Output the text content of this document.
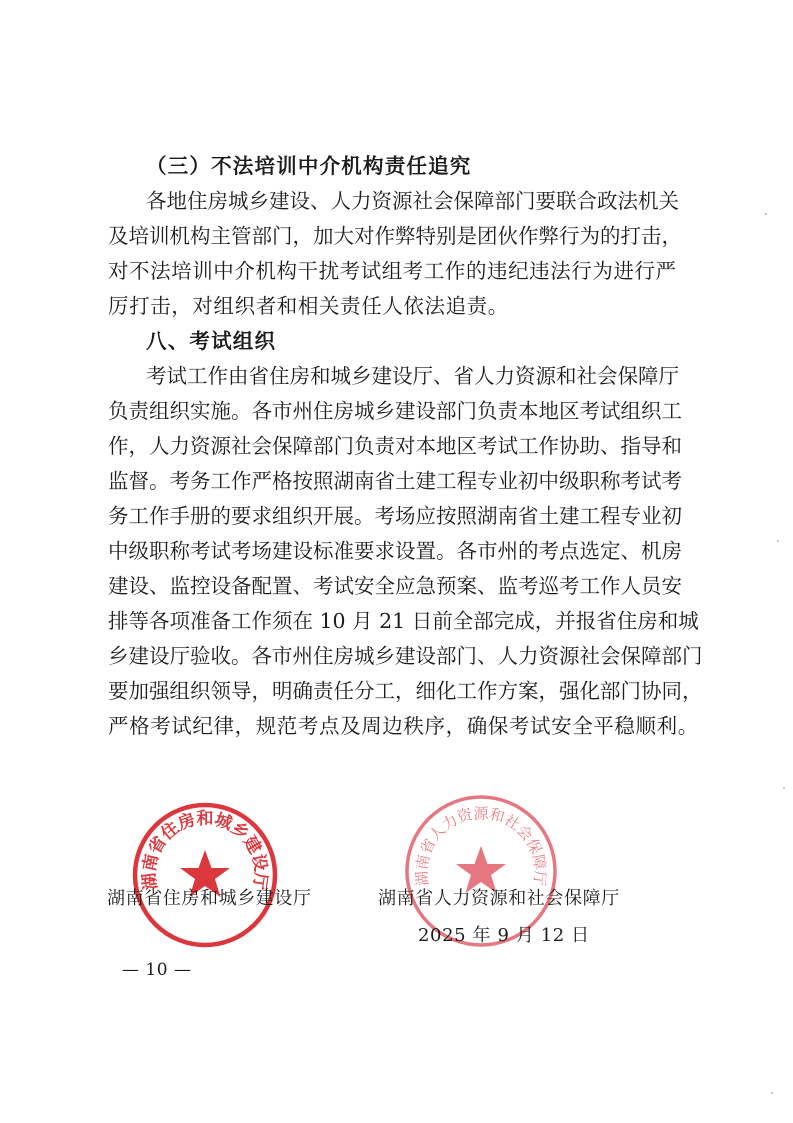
（三）不法培训中介机构责任追究
各地住房城乡建设、人力资源社会保障部门要联合政法机关
及培训机构主管部门，加大对作弊特别是团伙作弊行为的打击，
对不法培训中介机构干扰考试组考工作的违纪违法行为进行严
厉打击，对组织者和相关责任人依法追责。
八、考试组织
考试工作由省住房和城乡建设厅、省人力资源和社会保障厅
负责组织实施。各市州住房城乡建设部门负责本地区考试组织工
作，人力资源社会保障部门负责对本地区考试工作协助、指导和
监督。考务工作严格按照湖南省土建工程专业初中级职称考试考
务工作手册的要求组织开展。考场应按照湖南省土建工程专业初
中级职称考试考场建设标准要求设置。各市州的考点选定、机房
建设、监控设备配置、考试安全应急预案、监考巡考工作人员安
排等各项准备工作须在 10 月 21 日前全部完成，并报省住房和城
乡建设厅验收。各市州住房城乡建设部门、人力资源社会保障部门
要加强组织领导，明确责任分工，细化工作方案，强化部门协同，
严格考试纪律，规范考点及周边秩序，确保考试安全平稳顺利。
湖南省住房和城乡建设厅	湖南省人力资源和社会保障厅
湖南省住房和城乡建设厅	湖南省人力资源和社会保障厅
2025 年 9 月 12 日
— 10 —
